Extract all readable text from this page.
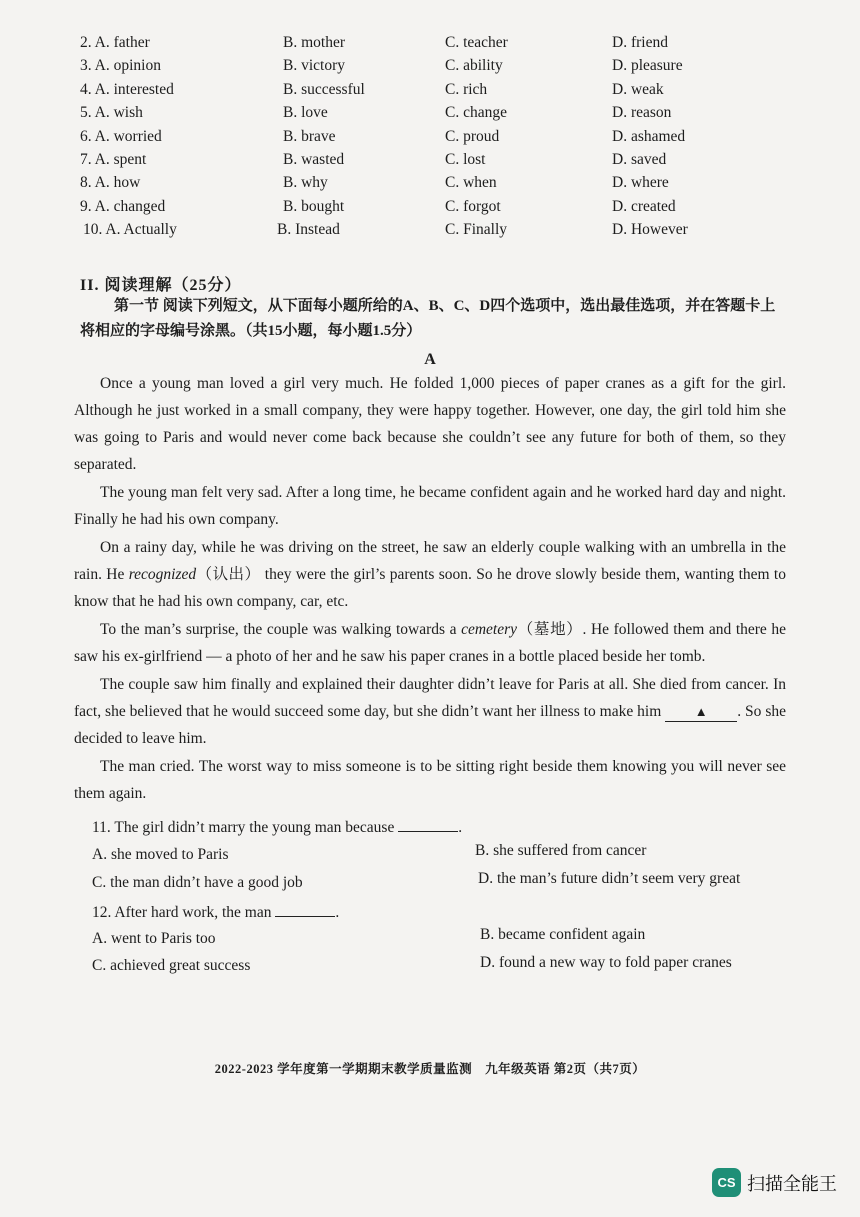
2. A. father	B. mother	C. teacher	D. friend
3. A. opinion	B. victory	C. ability	D. pleasure
4. A. interested	B. successful	C. rich	D. weak
5. A. wish	B. love	C. change	D. reason
6. A. worried	B. brave	C. proud	D. ashamed
7. A. spent	B. wasted	C. lost	D. saved
8. A. how	B. why	C. when	D. where
9. A. changed	B. bought	C. forgot	D. created
10. A. Actually	B. Instead	C. Finally	D. However
II. 阅读理解（25分）
第一节 阅读下列短文，从下面每小题所给的A、B、C、D四个选项中，选出最佳选项，并在答题卡上将相应的字母编号涂黑。（共15小题，每小题1.5分）
A

Once a young man loved a girl very much. He folded 1,000 pieces of paper cranes as a gift for the girl. Although he just worked in a small company, they were happy together. However, one day, the girl told him she was going to Paris and would never come back because she couldn’t see any future for both of them, so they separated.

The young man felt very sad. After a long time, he became confident again and he worked hard day and night. Finally he had his own company.

On a rainy day, while he was driving on the street, he saw an elderly couple walking with an umbrella in the rain. He recognized（认出） they were the girl’s parents soon. So he drove slowly beside them, wanting them to know that he had his own company, car, etc.

To the man’s surprise, the couple was walking towards a cemetery（墓地）. He followed them and there he saw his ex-girlfriend — a photo of her and he saw his paper cranes in a bottle placed beside her tomb.

The couple saw him finally and explained their daughter didn’t leave for Paris at all. She died from cancer. In fact, she believed that he would succeed some day, but she didn’t want her illness to make him ▲ . So she decided to leave him.

The man cried. The worst way to miss someone is to be sitting right beside them knowing you will never see them again.

11. The girl didn’t marry the young man because	.
A. she moved to Paris	B. she suffered from cancer
C. the man didn’t have a good job	D. the man’s future didn’t seem very great
12. After hard work, the man	.
A. went to Paris too	B. became confident again
C. achieved great success	D. found a new way to fold paper cranes
2022-2023 学年度第一学期期末教学质量监测　九年级英语 第2页（共7页）
CS 扫描全能王
